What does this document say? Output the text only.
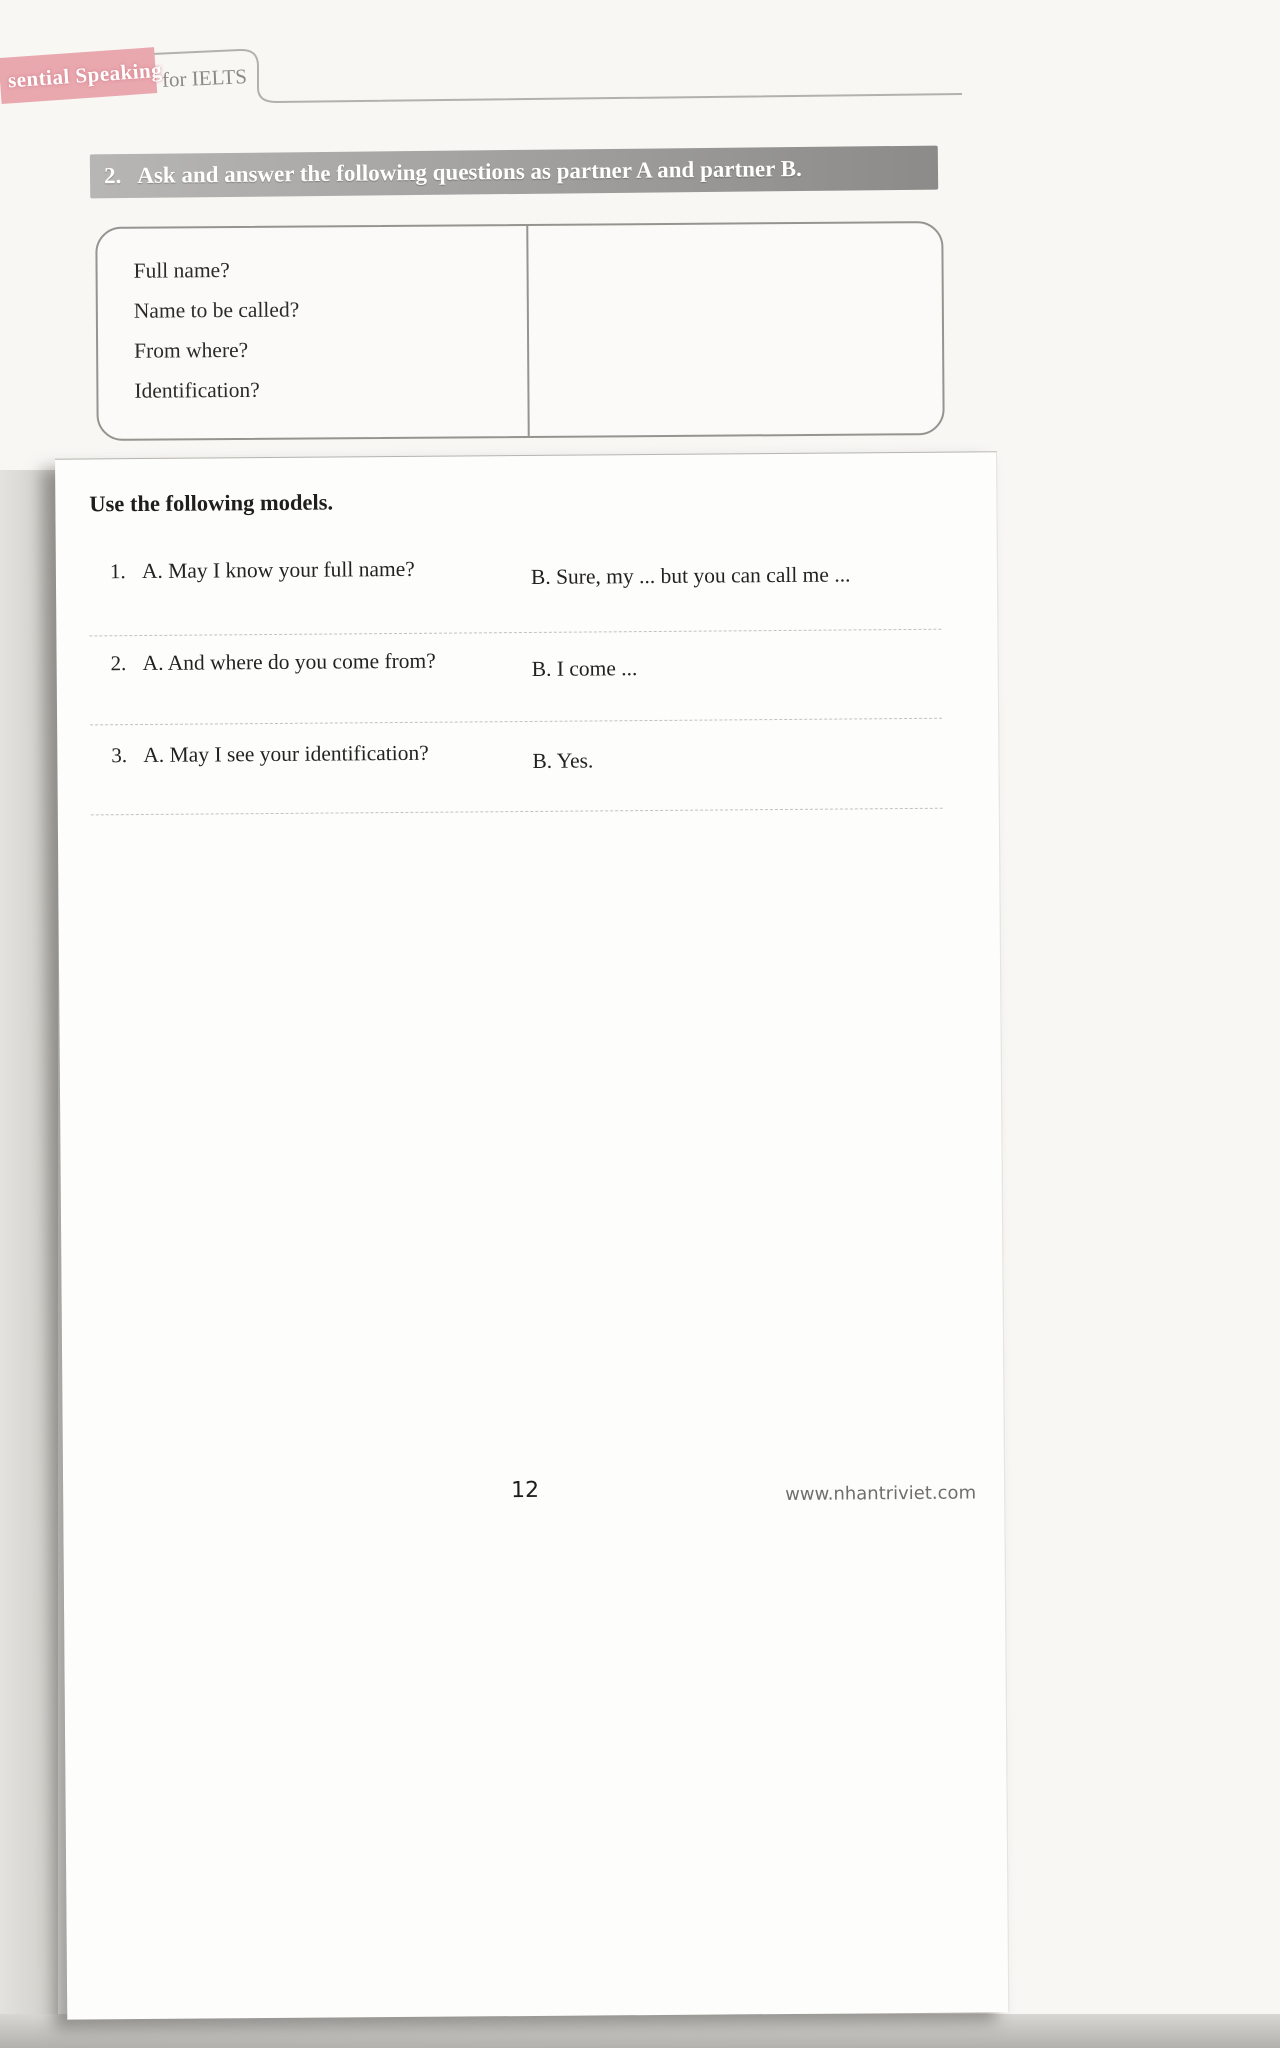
sential Speaking
for IELTS
2. Ask and answer the following questions as partner A and partner B.
Full name?
Name to be called?
From where?
Identification?
Use the following models.
1. A. May I know your full name?	B. Sure, my ... but you can call me ...
2. A. And where do you come from?	B. I come ...
3. A. May I see your identification?	B. Yes.
12	www.nhantriviet.com
